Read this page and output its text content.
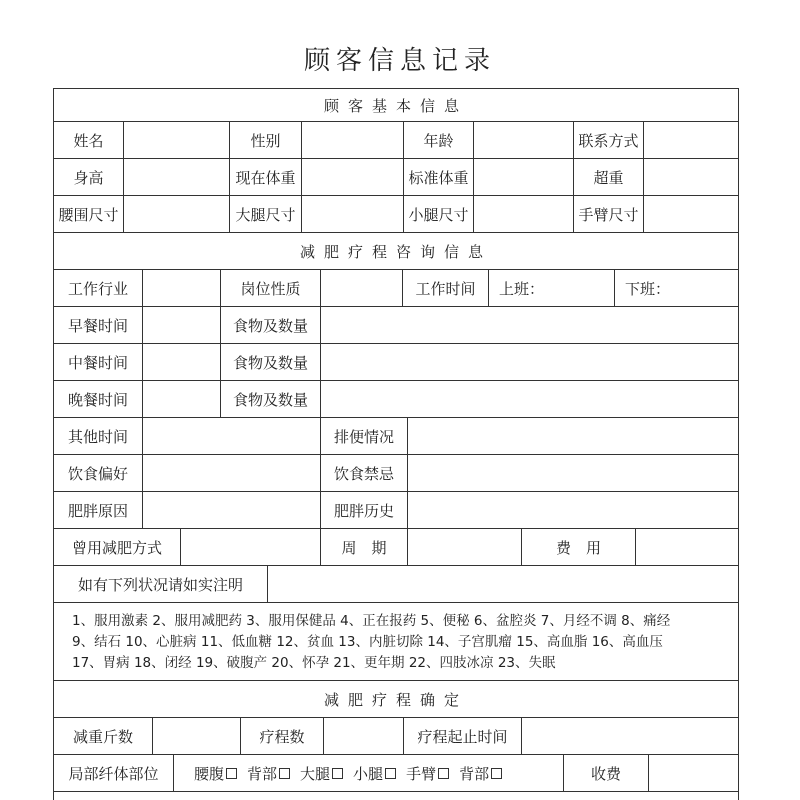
顾客信息记录
顾客基本信息
姓名	性别	年龄	联系方式
身高	现在体重	标准体重	超重
腰围尺寸	大腿尺寸	小腿尺寸	手臂尺寸
减肥疗程咨询信息
工作行业	岗位性质	工作时间	上班：	下班：
早餐时间	食物及数量
中餐时间	食物及数量
晚餐时间	食物及数量
其他时间	排便情况
饮食偏好	饮食禁忌
肥胖原因	肥胖历史
曾用减肥方式	周　期	费　用
如有下列状况请如实注明
1、服用激素 2、服用减肥药 3、服用保健品 4、正在报药 5、便秘 6、盆腔炎 7、月经不调 8、痛经
9、结石 10、心脏病 11、低血糖 12、贫血 13、内脏切除 14、子宫肌瘤 15、高血脂 16、高血压
17、胃病 18、闭经 19、破腹产 20、怀孕 21、更年期 22、四肢冰凉 23、失眠
减肥疗程确定
减重斤数	疗程数	疗程起止时间
局部纤体部位	腰腹 背部 大腿 小腿 手臂 背部	收费
